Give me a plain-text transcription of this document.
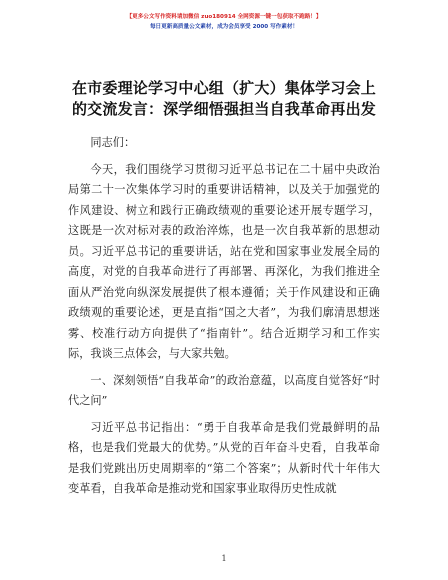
【更多公文写作资料请加微信 zuo180914 全网资源一键一包获取不跑路！】
每日更新高质量公文素材，成为会员享受 2000 写作素材！
在市委理论学习中心组（扩大）集体学习会上
的交流发言：深学细悟强担当自我革命再出发

同志们：

今天，我们围绕学习贯彻习近平总书记在二十届中央政治局第二十一次集体学习时的重要讲话精神，以及关于加强党的作风建设、树立和践行正确政绩观的重要论述开展专题学习，这既是一次对标对表的政治淬炼，也是一次自我革新的思想动员。习近平总书记的重要讲话，站在党和国家事业发展全局的高度，对党的自我革命进行了再部署、再深化，为我们推进全面从严治党向纵深发展提供了根本遵循；关于作风建设和正确政绩观的重要论述，更是直指“国之大者”，为我们廓清思想迷雾、校准行动方向提供了“指南针”。结合近期学习和工作实际，我谈三点体会，与大家共勉。

一、深刻领悟“自我革命”的政治意蕴，以高度自觉答好“时代之问”

习近平总书记指出：“勇于自我革命是我们党最鲜明的品格，也是我们党最大的优势。”从党的百年奋斗史看，自我革命是我们党跳出历史周期率的“第二个答案”；从新时代十年伟大变革看，自我革命是推动党和国家事业取得历史性成就

1
